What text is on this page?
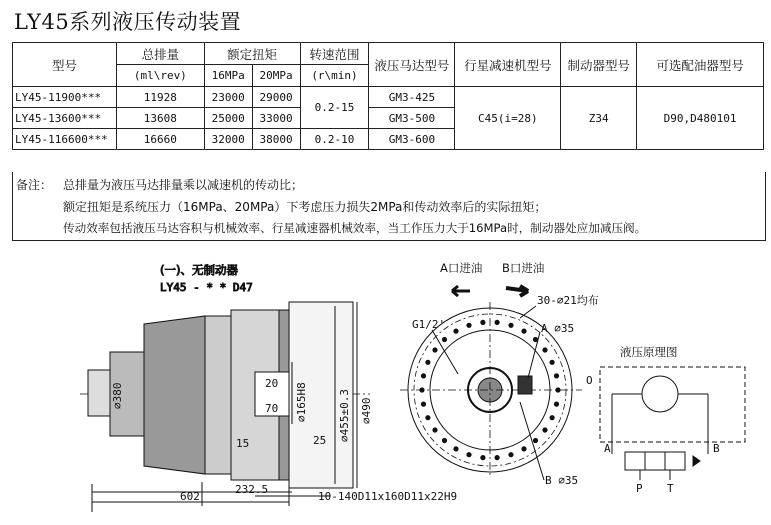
LY45系列液压传动装置
型号	总排量	额定扭矩		转速范围	液压马达型号	行星减速机型号	制动器型号	可选配油器型号
	(ml\rev)	16MPa	20MPa	(r\min)				
LY45-11900***	11928	23000	29000	0.2-15	GM3-425	C45(i=28)	Z34	D90,D480101
LY45-13600***	13608	25000	33000		GM3-500			
LY45-116600***	16660	32000	38000	0.2-10	GM3-600			
备注： 总排量为液压马达排量乘以减速机的传动比；
额定扭矩是系统压力（16MPa、20MPa）下考虑压力损失2MPa和传动效率后的实际扭矩；
传动效率包括液压马达容积与机械效率、行星减速器机械效率，当工作压力大于16MPa时，制动器处应加减压阀。
(一)、无制动器
LY45 - * * D47
∅380	20
70 ∅165H8	∅455±0.3 ∅490
15	25
232.5
602	10-140D11x160D11x22H9
A口进油 B口进油
30-∅21均布
G1/2'	A ∅35
B ∅35
液压原理图
O
A	B
P T
